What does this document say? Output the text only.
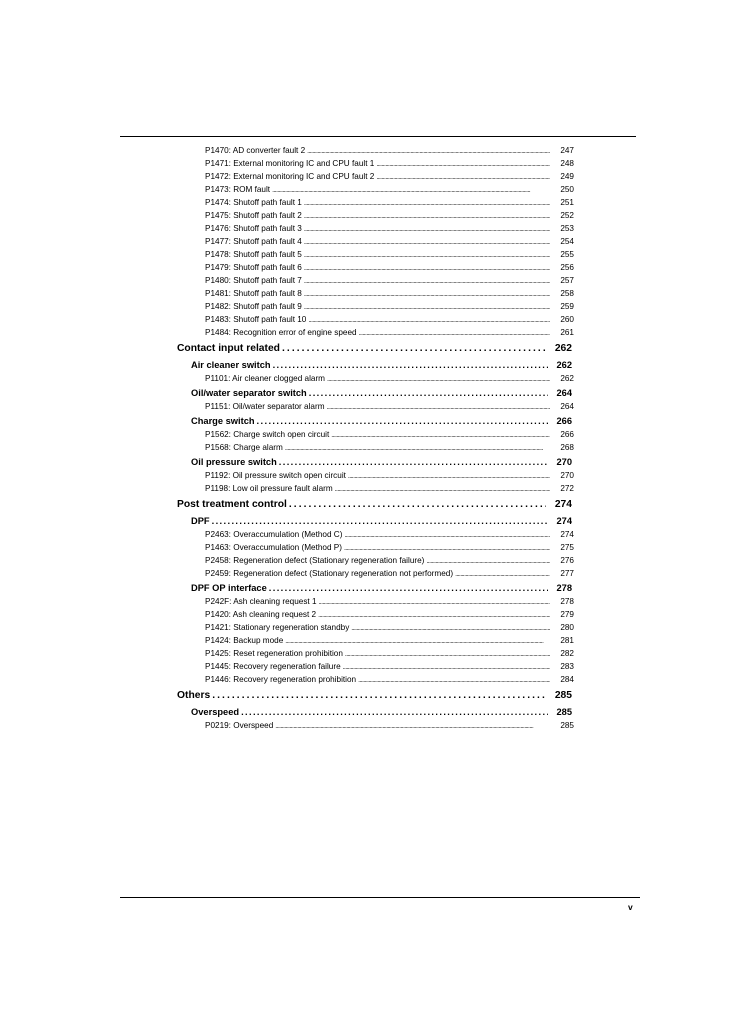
P1470: AD converter fault 2 . . .	247
P1471: External monitoring IC and CPU fault 1 . . .	248
P1472: External monitoring IC and CPU fault 2 . . .	249
P1473: ROM fault . . .	250
P1474: Shutoff path fault 1 . . .	251
P1475: Shutoff path fault 2 . . .	252
P1476: Shutoff path fault 3 . . .	253
P1477: Shutoff path fault 4 . . .	254
P1478: Shutoff path fault 5 . . .	255
P1479: Shutoff path fault 6 . . .	256
P1480: Shutoff path fault 7 . . .	257
P1481: Shutoff path fault 8 . . .	258
P1482: Shutoff path fault 9 . . .	259
P1483: Shutoff path fault 10 . . .	260
P1484: Recognition error of engine speed . . .	261
Contact input related . . .	262
Air cleaner switch . . .	262
P1101: Air cleaner clogged alarm . . .	262
Oil/water separator switch . . .	264
P1151: Oil/water separator alarm . . .	264
Charge switch . . .	266
P1562: Charge switch open circuit . . .	266
P1568: Charge alarm . . .	268
Oil pressure switch . . .	270
P1192: Oil pressure switch open circuit . . .	270
P1198: Low oil pressure fault alarm . . .	272
Post treatment control . . .	274
DPF . . .	274
P2463: Overaccumulation (Method C) . . .	274
P1463: Overaccumulation (Method P) . . .	275
P2458: Regeneration defect (Stationary regeneration failure) . . .	276
P2459: Regeneration defect (Stationary regeneration not performed) . . .	277
DPF OP interface . . .	278
P242F: Ash cleaning request 1 . . .	278
P1420: Ash cleaning request 2 . . .	279
P1421: Stationary regeneration standby . . .	280
P1424: Backup mode . . .	281
P1425: Reset regeneration prohibition . . .	282
P1445: Recovery regeneration failure . . .	283
P1446: Recovery regeneration prohibition . . .	284
Others . . .	285
Overspeed . . .	285
P0219: Overspeed . . .	285
v
